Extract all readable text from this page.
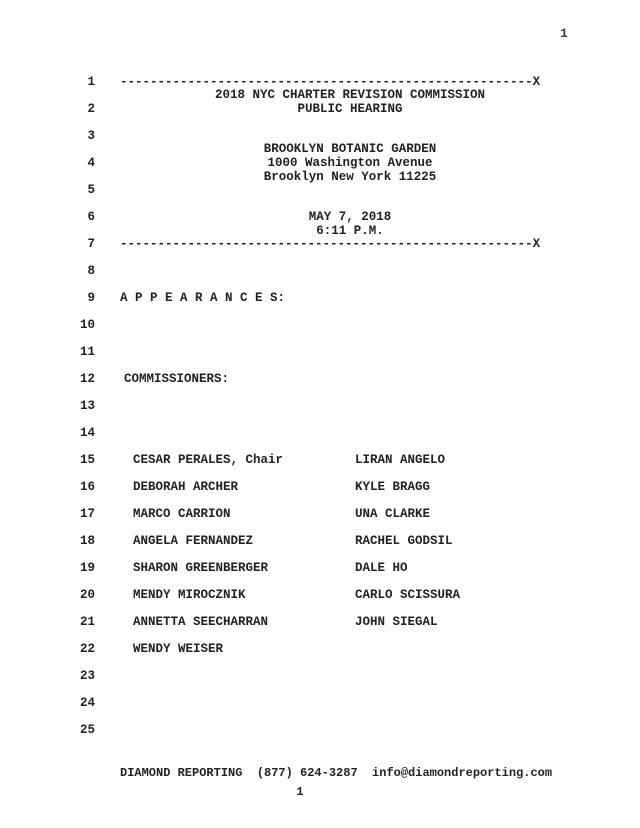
1
1
2
3
4
5
6
7
8
9
10
11
12
13
14
15
16
17
18
19
20
21
22
23
24
25
-------------------------------------------------------X
-------------------------------------------------------X
2018 NYC CHARTER REVISION COMMISSION
PUBLIC HEARING
BROOKLYN BOTANIC GARDEN
1000 Washington Avenue
Brooklyn New York 11225
MAY 7, 2018
6:11 P.M.
A P P E A R A N C E S:
COMMISSIONERS:
CESAR PERALES, Chair
DEBORAH ARCHER
MARCO CARRION
ANGELA FERNANDEZ
SHARON GREENBERGER
MENDY MIROCZNIK
ANNETTA SEECHARRAN
WENDY WEISER
LIRAN ANGELO
KYLE BRAGG
UNA CLARKE
RACHEL GODSIL
DALE HO
CARLO SCISSURA
JOHN SIEGAL
DIAMOND REPORTING  (877) 624-3287  info@diamondreporting.com
1
